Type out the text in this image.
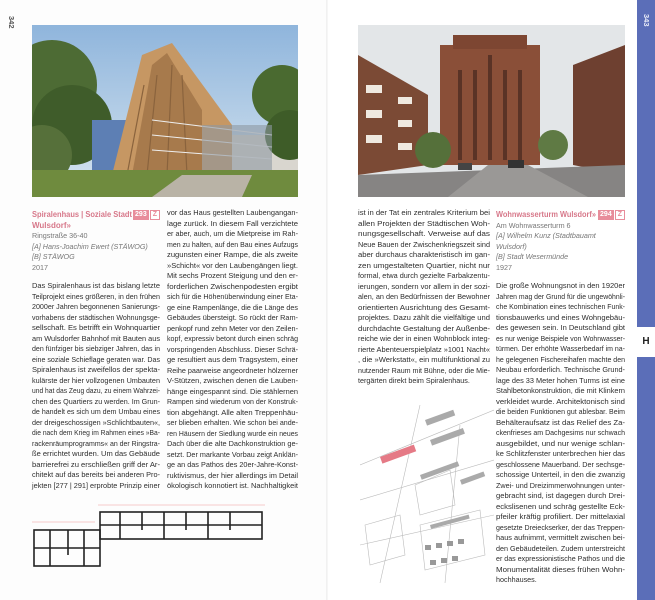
342
Spiralenhaus | Soziale Stadt 293 Z
Wulsdorf»
Ringstraße 36-40
[A] Hans-Joachim Ewert (STÄWOG)
[B] STÄWOG
2017
Das Spiralenhaus ist das bislang letzte
Teilprojekt eines größeren, in den frühen
2000er Jahren begonnenen Sanierungs-
vorhabens der städtischen Wohnungsge-
sellschaft. Es betrifft ein Wohnquartier
am Wulsdorfer Bahnhof mit Bauten aus
den fünfziger bis siebziger Jahren, das in
eine soziale Schieflage geraten war. Das
Spiralenhaus ist zweifellos der spekta-
kulärste der hier vollzogenen Umbauten
und hat das Zeug dazu, zu einem Wahrzei-
chen des Quartiers zu werden. Im Grun-
de handelt es sich um dem Umbau eines
der dreigeschossigen »Schlichtbauten«,
die nach dem Krieg im Rahmen eines »Ba-
rackenräumprogramms« an der Ringstra-
ße errichtet wurden. Um das Gebäude
barrierefrei zu erschließen griff der Ar-
chitekt auf das bereits bei anderen Pro-
jekten [277 | 291] erprobte Prinzip einer
vor das Haus gestellten Laubengangan-
lage zurück. In diesem Fall verzichtete
er aber, auch, um die Mietpreise im Rah-
men zu halten, auf den Bau eines Aufzugs
zugunsten einer Rampe, die als zweite
»Schicht« vor den Laubengängen liegt.
Mit sechs Prozent Steigung und den er-
forderlichen Zwischenpodesten ergibt
sich für die Höhenüberwindung einer Eta-
ge eine Rampenlänge, die die Länge des
Gebäudes übersteigt. So rückt der Ram-
penkopf rund zehn Meter vor den Zeilen-
kopf, expressiv betont durch einen schräg
vorspringenden Abschluss. Dieser Schrä-
ge resultiert aus dem Tragsystem, einer
Reihe paarweise angeordneter hölzerner
V-Stützen, zwischen denen die Lauben-
hänge eingespannt sind. Die stählernen
Rampen sind wiederum von der Konstruk-
tion abgehängt. Alle alten Treppenhäu-
ser blieben erhalten. Wie schon bei ande-
ren Häusern der Siedlung wurde ein neues
Dach über die alte Dachkonstruktion ge-
setzt. Der markante Vorbau zeigt Anklän-
ge an das Pathos des 20er-Jahre-Konst-
ruktivismus, der hier allerdings im Detail
ökologisch konnotiert ist. Nachhaltigkeit
ist in der Tat ein zentrales Kriterium bei
allen Projekten der Städtischen Woh-
nungsgesellschaft. Verweise auf das
Neue Bauen der Zwischenkriegszeit sind
aber durchaus charakteristisch im gan-
zen umgestalteten Quartier, nicht nur
formal, etwa durch gezielte Farbakzentu-
ierungen, sondern vor allem in der sozi-
alen, an den Bedürfnissen der Bewohner
orientierten Ausrichtung des Gesamt-
projektes. Dazu zählt die vielfältige und
durchdachte Gestaltung der Außenbe-
reiche wie der in einen Wohnblock integ-
rierte Abenteuerspielplatz »1001 Nacht«
, die »Werkstatt«, ein multifunktional zu
nutzender Raum mit Bühne, oder die Mie-
tergärten direkt beim Spiralenhaus.
Wohnwasserturm Wulsdorf» 294 Z
Am Wohnwasserturm 6
[A] Wilhelm Kunz (Stadtbauamt
Wulsdorf)
[B] Stadt Wesermünde
1927
Die große Wohnungsnot in den 1920er
Jahren mag der Grund für die ungewöhnli-
che Kombination eines technischen Funk-
tionsbauwerks und eines Wohngebäu-
des gewesen sein. In Deutschland gibt
es nur wenige Beispiele von Wohnwasser-
türmen. Der erhöhte Wasserbedarf im na-
he gelegenen Fischereihafen machte den
Neubau erforderlich. Technische Grund-
lage des 33 Meter hohen Turms ist eine
Stahlbetonkonstruktion, die mit Klinkern
verkleidet wurde. Architektonisch sind
die beiden Funktionen gut ablesbar. Beim
Behälteraufsatz ist das Relief des Za-
ckenfrieses am Dachgesims nur schwach
ausgebildet, und nur wenige schlan-
ke Schlitzfenster unterbrechen hier das
geschlossene Mauerband. Der sechsge-
schossige Unterteil, in den die zwanzig
Zwei- und Dreizimmerwohnungen unter-
gebracht sind, ist dagegen durch Drei-
eckslisenen und schräg gestellte Eck-
pfeiler kräftig profiliert. Der mittelaxial
gesetzte Dreieckserker, der das Treppen-
haus aufnimmt, vermittelt zwischen bei-
den Gebäudeteilen. Zudem unterstreicht
er das expressionistische Pathos und die
Monumentalität dieses frühen Wohn-
hochhauses.
343
H
